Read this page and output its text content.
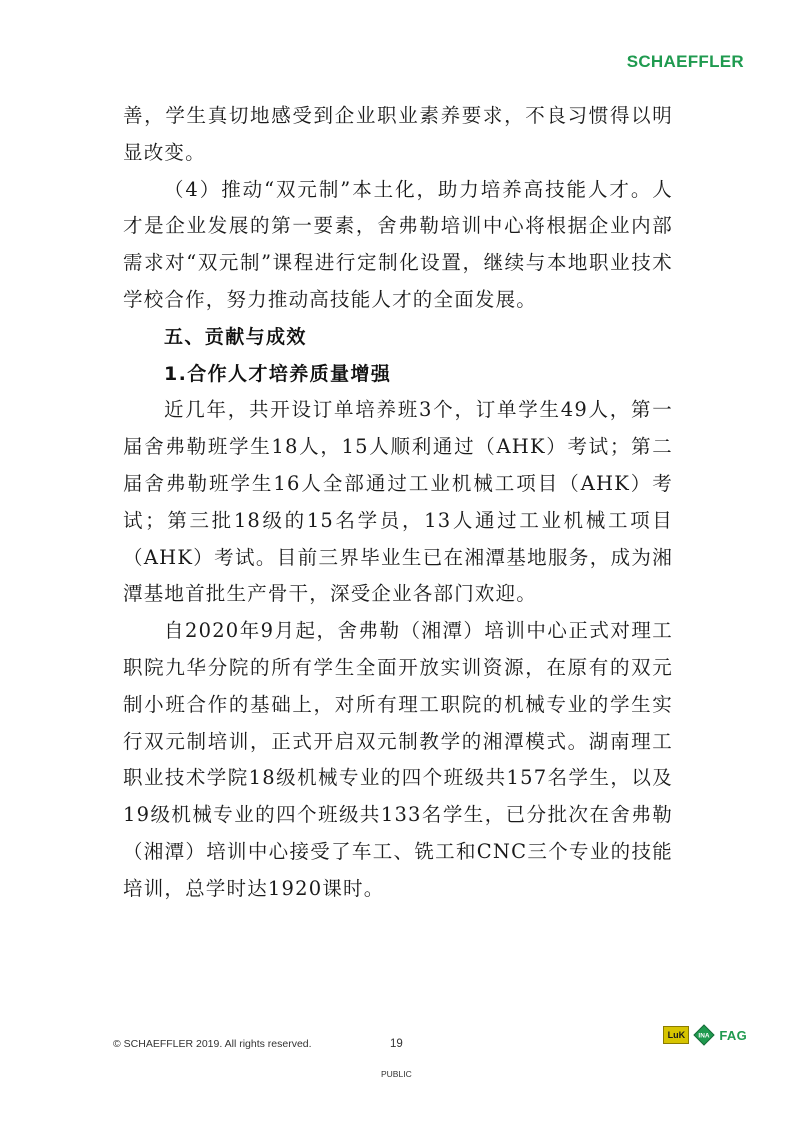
SCHAEFFLER

善，学生真切地感受到企业职业素养要求，不良习惯得以明显改变。

（4）推动“双元制”本土化，助力培养高技能人才。人才是企业发展的第一要素，舍弗勒培训中心将根据企业内部需求对“双元制”课程进行定制化设置，继续与本地职业技术学校合作，努力推动高技能人才的全面发展。

五、贡献与成效
1.合作人才培养质量增强

近几年，共开设订单培养班3个，订单学生49人，第一届舍弗勒班学生18人，15人顺利通过（AHK）考试；第二届舍弗勒班学生16人全部通过工业机械工项目（AHK）考试；第三批18级的15名学员，13人通过工业机械工项目（AHK）考试。目前三界毕业生已在湘潭基地服务，成为湘潭基地首批生产骨干，深受企业各部门欢迎。

自2020年9月起，舍弗勒（湘潭）培训中心正式对理工职院九华分院的所有学生全面开放实训资源，在原有的双元制小班合作的基础上，对所有理工职院的机械专业的学生实行双元制培训，正式开启双元制教学的湘潭模式。湖南理工职业技术学院18级机械专业的四个班级共157名学生，以及19级机械专业的四个班级共133名学生，已分批次在舍弗勒（湘潭）培训中心接受了车工、铣工和CNC三个专业的技能培训，总学时达1920课时。

© SCHAEFFLER 2019. All rights reserved.	19
PUBLIC
LuK	INA FAG
